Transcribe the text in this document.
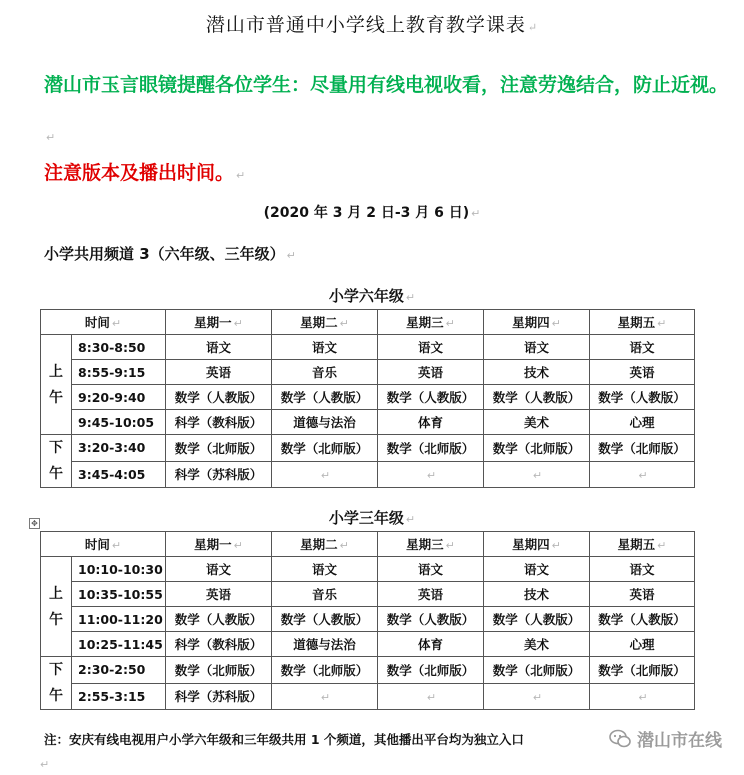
潜山市普通中小学线上教育教学课表 ↵
潜山市玉言眼镜提醒各位学生：尽量用有线电视收看，注意劳逸结合，防止近视。↵
注意版本及播出时间。 ↵
(2020 年 3 月 2 日-3 月 6 日) ↵
小学共用频道 3（六年级、三年级） ↵
小学六年级 ↵
时间 ↵		星期一 ↵	星期二 ↵	星期三 ↵	星期四 ↵	星期五 ↵
上午	8:30-8:50	语文	语文	语文	语文	语文
	8:55-9:15	英语	音乐	英语	技术	英语
	9:20-9:40	数学（人教版）	数学（人教版）	数学（人教版）	数学（人教版）	数学（人教版）
	9:45-10:05	科学（教科版）	道德与法治	体育	美术	心理
下午	3:20-3:40	数学（北师版）	数学（北师版）	数学（北师版）	数学（北师版）	数学（北师版）
	3:45-4:05	科学（苏科版）	↵	↵	↵	↵
✥	小学三年级 ↵
时间 ↵		星期一 ↵	星期二 ↵	星期三 ↵	星期四 ↵	星期五 ↵
上午	10:10-10:30	语文	语文	语文	语文	语文
	10:35-10:55	英语	音乐	英语	技术	英语
	11:00-11:20	数学（人教版）	数学（人教版）	数学（人教版）	数学（人教版）	数学（人教版）
	10:25-11:45	科学（教科版）	道德与法治	体育	美术	心理
下午	2:30-2:50	数学（北师版）	数学（北师版）	数学（北师版）	数学（北师版）	数学（北师版）
	2:55-3:15	科学（苏科版）	↵	↵	↵	↵
注：安庆有线电视用户小学六年级和三年级共用 1 个频道，其他播出平台均为独立入口	潜山市在线
↵
